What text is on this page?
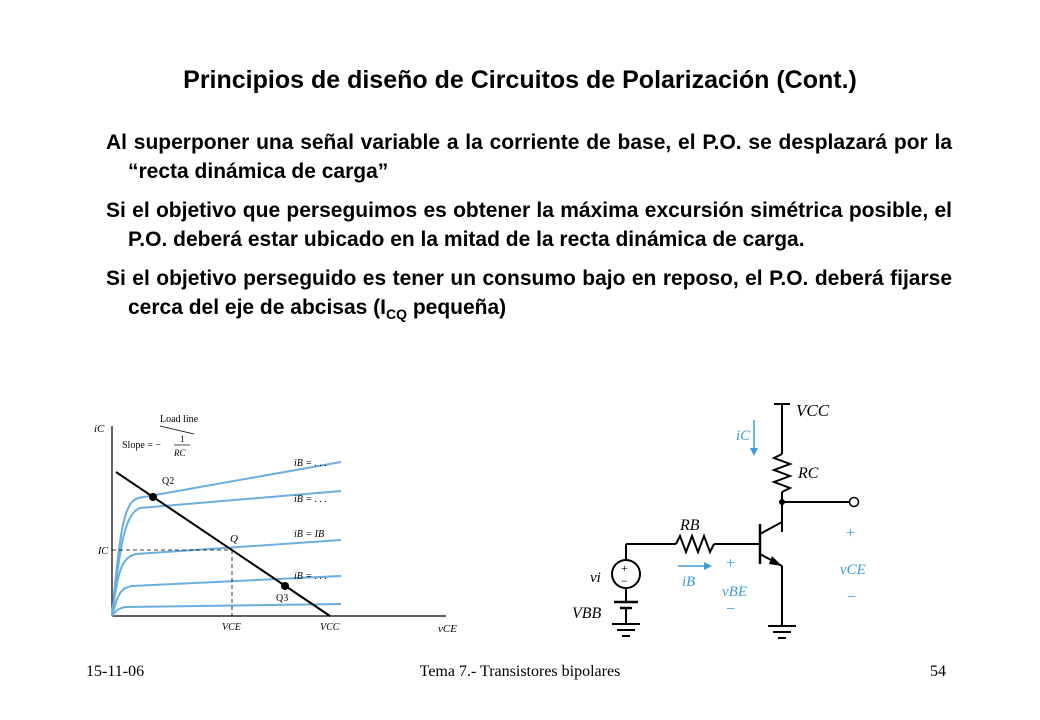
Principios de diseño de Circuitos de Polarización (Cont.)
Al superponer una señal variable a la corriente de base, el P.O. se desplazará por la “recta dinámica de carga”
Si el objetivo que perseguimos es obtener la máxima excursión simétrica posible, el P.O. deberá estar ubicado en la mitad de la recta dinámica de carga.
Si el objetivo perseguido es tener un consumo bajo en reposo, el P.O. deberá fijarse cerca del eje de abcisas ($I_{CQ}$ pequeña)
iC
vCE
Load line
Slope = −
1
RC
iB = . . .
iB = . . .
iB = IB
iB = . . .
IC
VCE	VCC
Q2
Q
Q3
VCC
iC
RC
RB
iB
+
vBE
−
+
vCE
−
+
−
vi
VBB
15-11-06	Tema 7.- Transistores bipolares	54
